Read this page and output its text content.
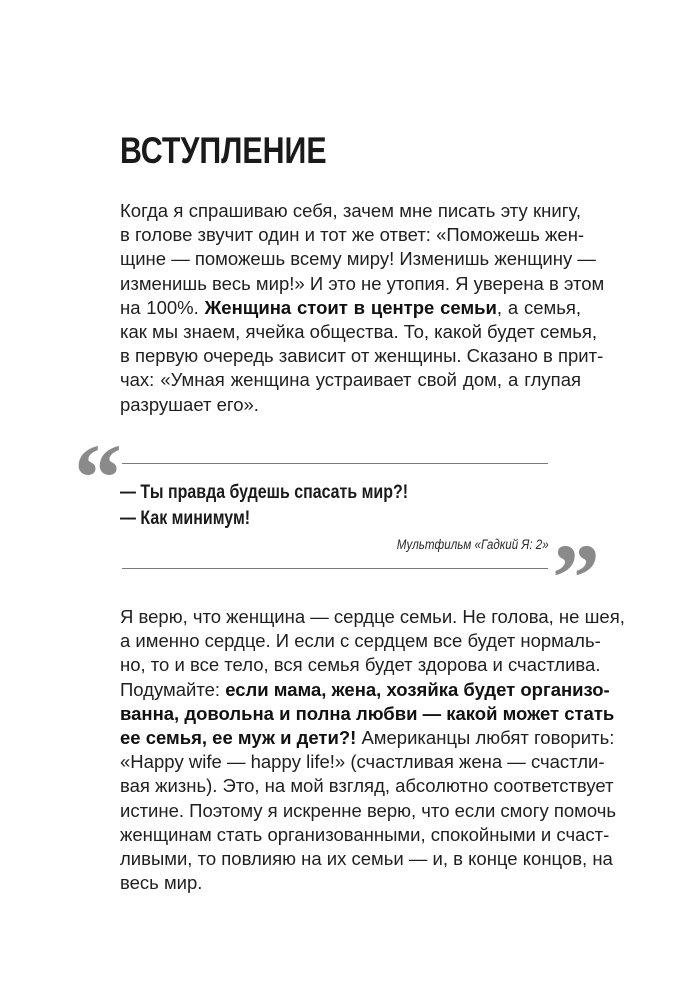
ВСТУПЛЕНИЕ
Когда я спрашиваю себя, зачем мне писать эту книгу,
в голове звучит один и тот же ответ: «Поможешь жен-
щине — поможешь всему миру! Изменишь женщину —
изменишь весь мир!» И это не утопия. Я уверена в этом
на 100%. Женщина стоит в центре семьи, а семья,
как мы знаем, ячейка общества. То, какой будет семья,
в первую очередь зависит от женщины. Сказано в прит-
чах: «Умная женщина устраивает свой дом, а глупая
разрушает его».
“
— Ты правда будешь спасать мир?!
— Как минимум!
Мультфильм «Гадкий Я: 2» ”
Я верю, что женщина — сердце семьи. Не голова, не шея,
а именно сердце. И если с сердцем все будет нормаль-
но, то и все тело, вся семья будет здорова и счастлива.
Подумайте: если мама, жена, хозяйка будет организо-
ванна, довольна и полна любви — какой может стать
ее семья, ее муж и дети?! Американцы любят говорить:
«Happy wife — happy life!» (счастливая жена — счастли-
вая жизнь). Это, на мой взгляд, абсолютно соответствует
истине. Поэтому я искренне верю, что если смогу помочь
женщинам стать организованными, спокойными и счаст-
ливыми, то повлияю на их семьи — и, в конце концов, на
весь мир.
